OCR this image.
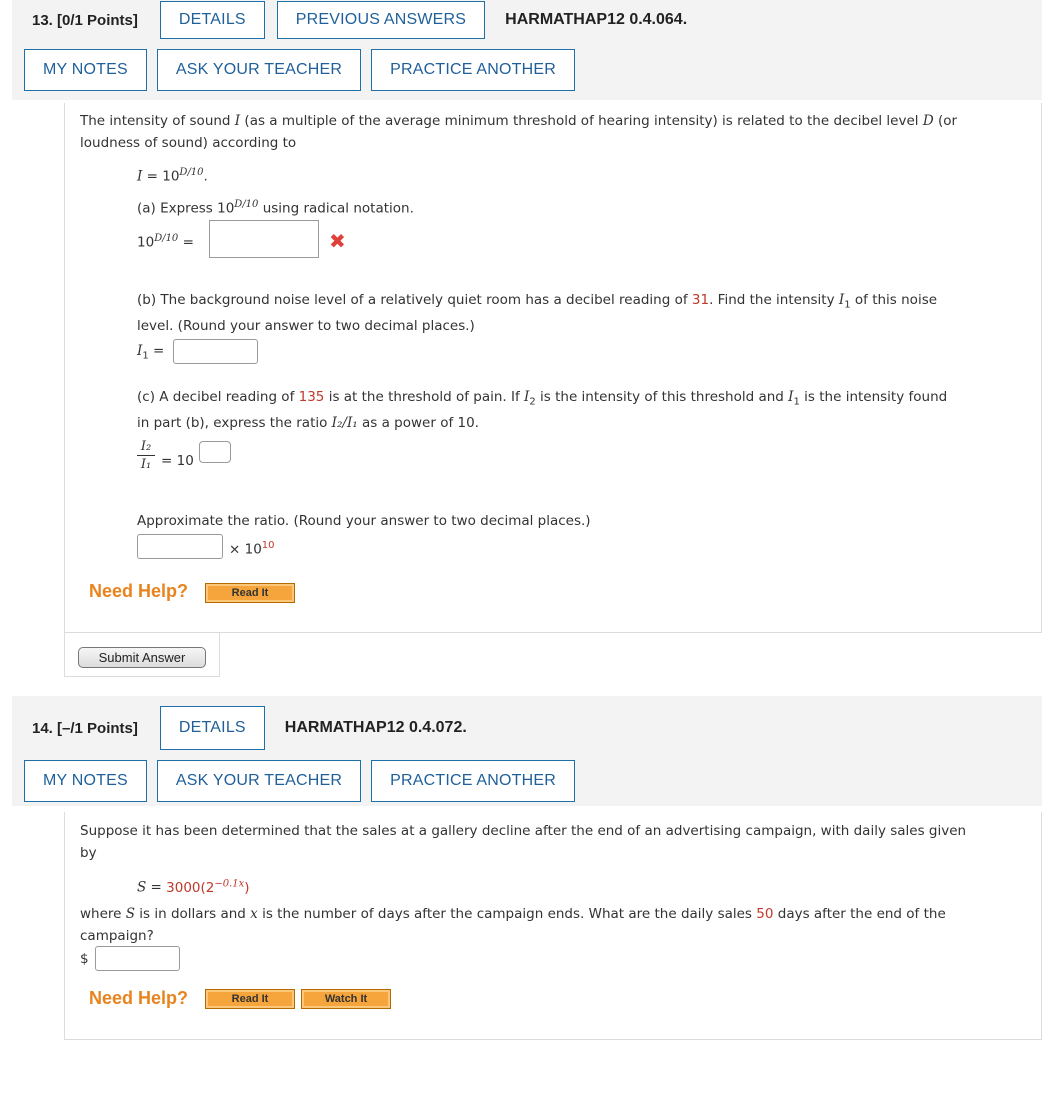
13. [0/1 Points]	DETAILS	PREVIOUS ANSWERS	HARMATHAP12 0.4.064.
MY NOTES	ASK YOUR TEACHER	PRACTICE ANOTHER
The intensity of sound I (as a multiple of the average minimum threshold of hearing intensity) is related to the decibel level D (or
loudness of sound) according to
$I = 10^{D/10}$.
(a) Express $10^{D/10}$ using radical notation.
$10^{D/10}$ =	✖
(b) The background noise level of a relatively quiet room has a decibel reading of 31. Find the intensity $I_1$ of this noise
level. (Round your answer to two decimal places.)
$I_1$ =
(c) A decibel reading of 135 is at the threshold of pain. If $I_2$ is the intensity of this threshold and $I_1$ is the intensity found
in part (b), express the ratio I₂/I₁ as a power of 10.
I₂
I₁ = 10
Approximate the ratio. (Round your answer to two decimal places.)
× $10^{10}$
Need Help?	Read It
Submit Answer
14. [–/1 Points]	DETAILS	HARMATHAP12 0.4.072.
MY NOTES	ASK YOUR TEACHER	PRACTICE ANOTHER
Suppose it has been determined that the sales at a gallery decline after the end of an advertising campaign, with daily sales given
by
$S = 3000(2^{-0.1x})$
where S is in dollars and x is the number of days after the campaign ends. What are the daily sales 50 days after the end of the
campaign?
$
Need Help?	Read It	Watch It
